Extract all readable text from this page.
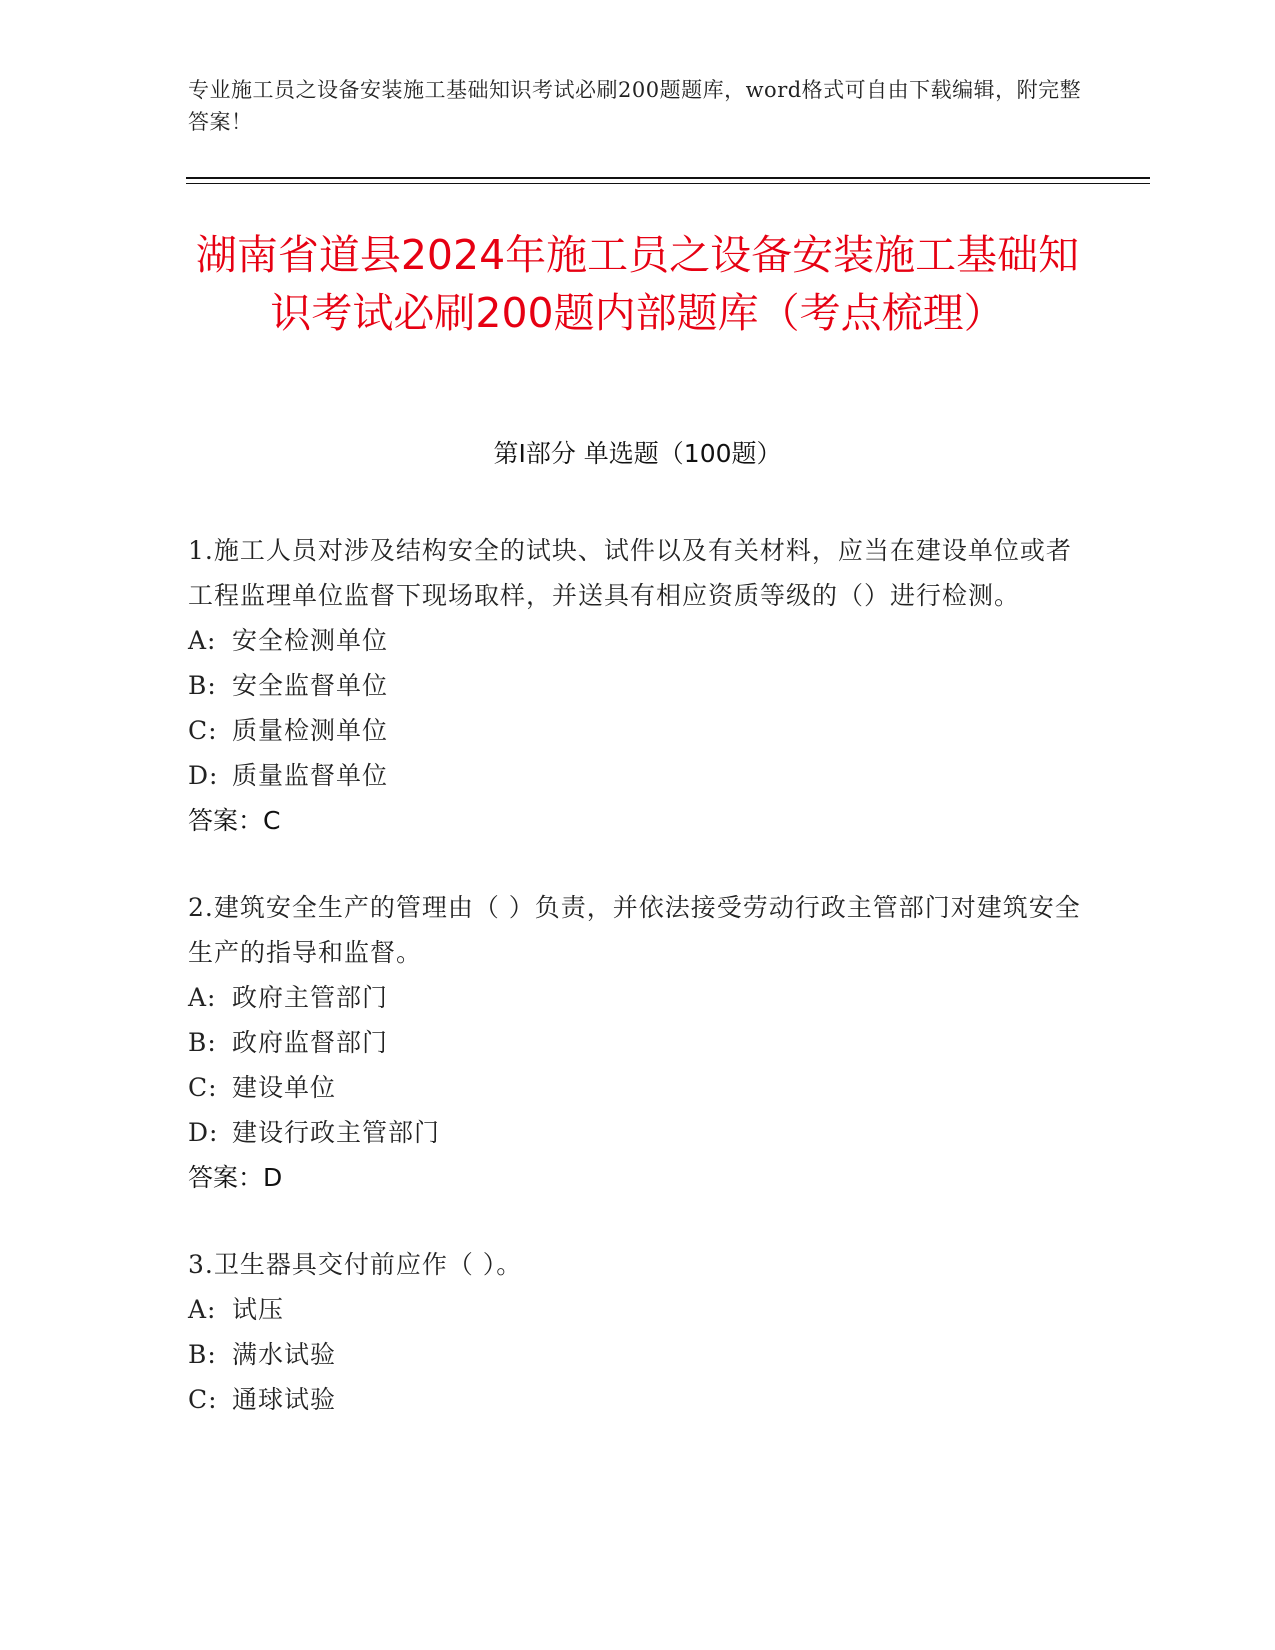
专业施工员之设备安装施工基础知识考试必刷200题题库，word格式可自由下载编辑，附完整答案！
湖南省道县2024年施工员之设备安装施工基础知识考试必刷200题内部题库（考点梳理）
第Ⅰ部分 单选题（100题）
1.施工人员对涉及结构安全的试块、试件以及有关材料，应当在建设单位或者工程监理单位监督下现场取样，并送具有相应资质等级的（）进行检测。
A: 安全检测单位
B: 安全监督单位
C: 质量检测单位
D: 质量监督单位
答案：C
2.建筑安全生产的管理由（ ）负责，并依法接受劳动行政主管部门对建筑安全生产的指导和监督。
A: 政府主管部门
B: 政府监督部门
C: 建设单位
D: 建设行政主管部门
答案：D
3.卫生器具交付前应作（ ）。
A: 试压
B: 满水试验
C: 通球试验
